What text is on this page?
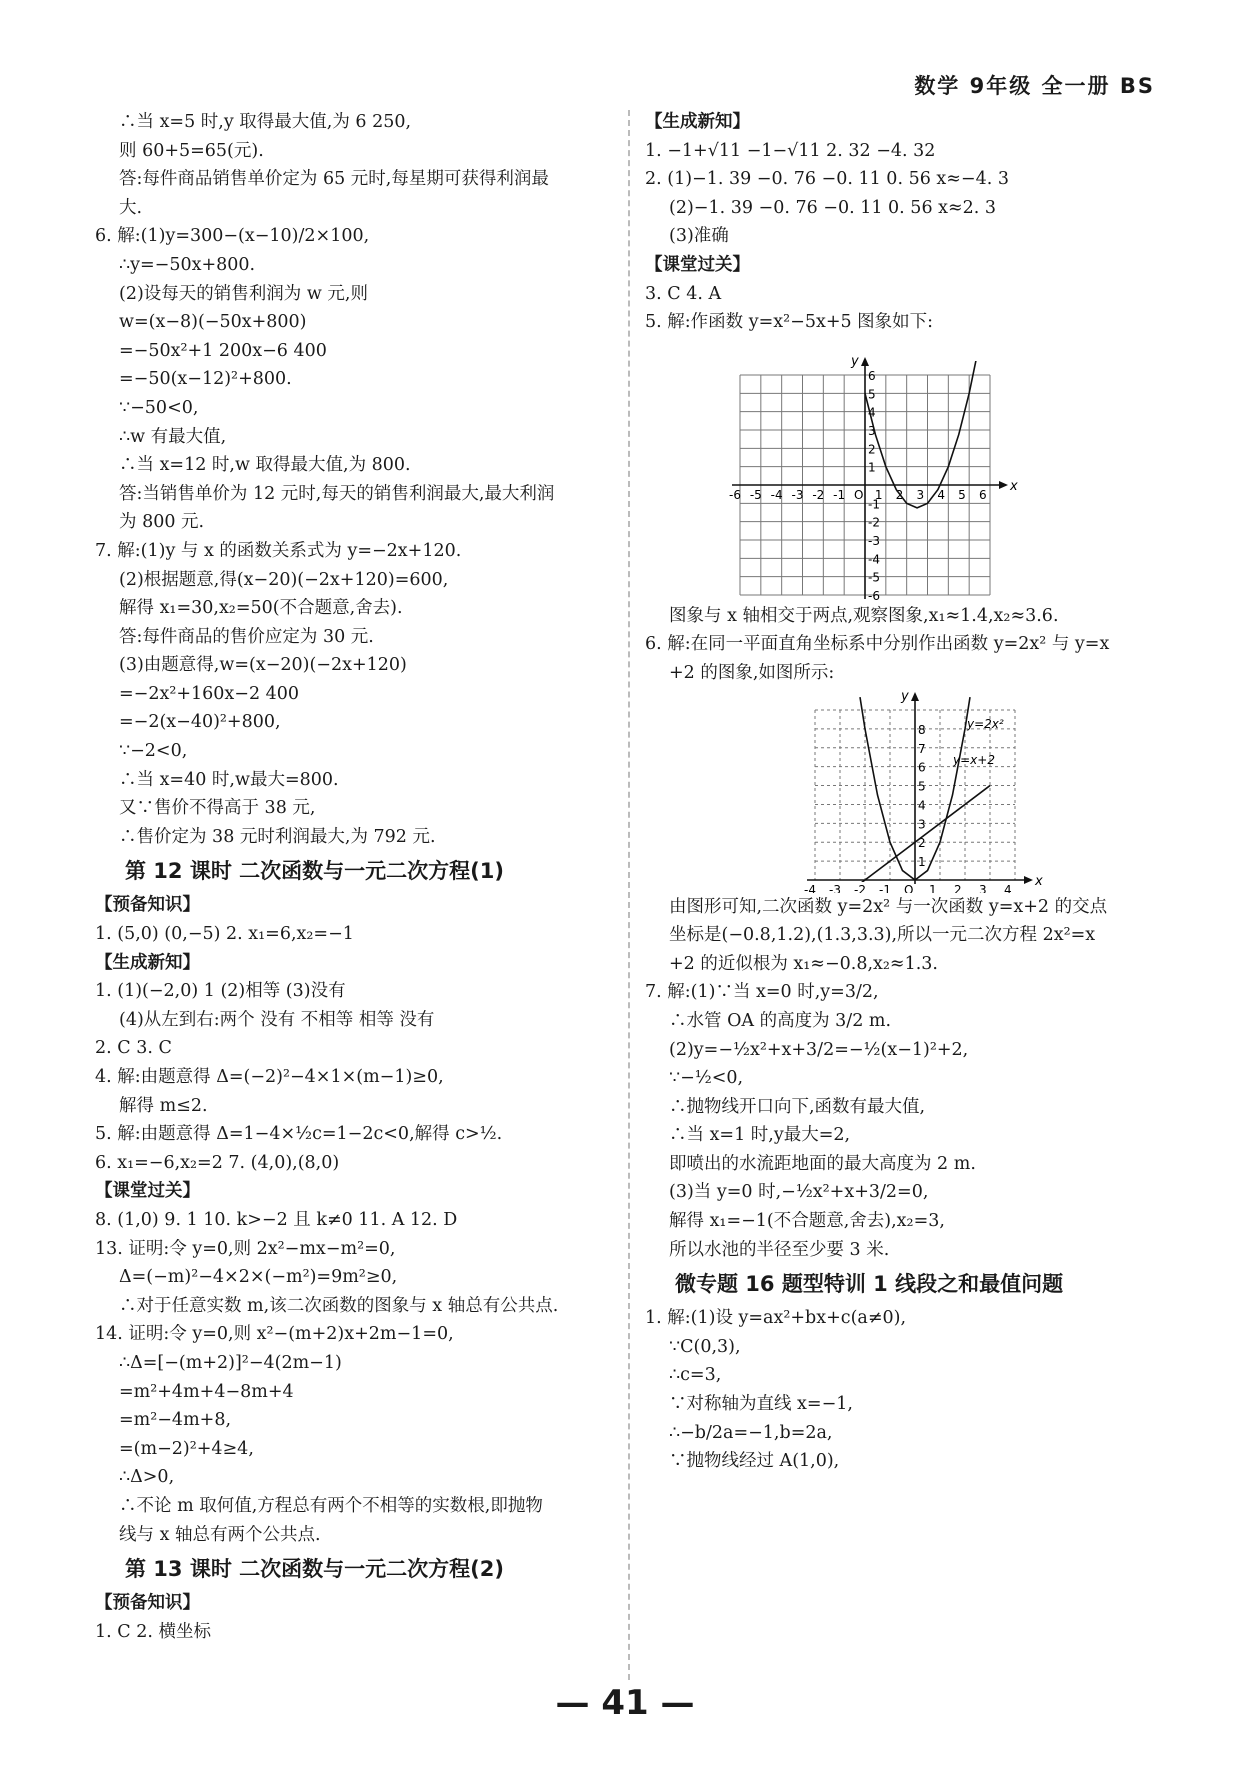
数学 9年级 全一册 BS
∴当 x=5 时,y 取得最大值,为 6 250,
则 60+5=65(元).
答:每件商品销售单价定为 65 元时,每星期可获得利润最
大.
6. 解:(1)y=300−(x−10)/2×100,
∴y=−50x+800.
(2)设每天的销售利润为 w 元,则
w=(x−8)(−50x+800)
=−50x²+1 200x−6 400
=−50(x−12)²+800.
∵−50<0,
∴w 有最大值,
∴当 x=12 时,w 取得最大值,为 800.
答:当销售单价为 12 元时,每天的销售利润最大,最大利润
为 800 元.
7. 解:(1)y 与 x 的函数关系式为 y=−2x+120.
(2)根据题意,得(x−20)(−2x+120)=600,
解得 x₁=30,x₂=50(不合题意,舍去).
答:每件商品的售价应定为 30 元.
(3)由题意得,w=(x−20)(−2x+120)
=−2x²+160x−2 400
=−2(x−40)²+800,
∵−2<0,
∴当 x=40 时,w最大=800.
又∵售价不得高于 38 元,
∴售价定为 38 元时利润最大,为 792 元.
第 12 课时 二次函数与一元二次方程(1)
【预备知识】
1. (5,0) (0,−5) 2. x₁=6,x₂=−1
【生成新知】
1. (1)(−2,0) 1 (2)相等 (3)没有
(4)从左到右:两个 没有 不相等 相等 没有
2. C 3. C
4. 解:由题意得 Δ=(−2)²−4×1×(m−1)≥0,
解得 m≤2.
5. 解:由题意得 Δ=1−4×½c=1−2c<0,解得 c>½.
6. x₁=−6,x₂=2 7. (4,0),(8,0)
【课堂过关】
8. (1,0) 9. 1 10. k>−2 且 k≠0 11. A 12. D
13. 证明:令 y=0,则 2x²−mx−m²=0,
Δ=(−m)²−4×2×(−m²)=9m²≥0,
∴对于任意实数 m,该二次函数的图象与 x 轴总有公共点.
14. 证明:令 y=0,则 x²−(m+2)x+2m−1=0,
∴Δ=[−(m+2)]²−4(2m−1)
=m²+4m+4−8m+4
=m²−4m+8,
=(m−2)²+4≥4,
∴Δ>0,
∴不论 m 取何值,方程总有两个不相等的实数根,即抛物
线与 x 轴总有两个公共点.
第 13 课时 二次函数与一元二次方程(2)
【预备知识】
1. C 2. 横坐标
【生成新知】
1. −1+√11 −1−√11 2. 32 −4. 32
2. (1)−1. 39 −0. 76 −0. 11 0. 56 x≈−4. 3
(2)−1. 39 −0. 76 −0. 11 0. 56 x≈2. 3
(3)准确
【课堂过关】
3. C 4. A
5. 解:作函数 y=x²−5x+5 图象如下:
x
y
-6 -5 -4 -3 -2 -1 O 1 2 3 4 5 6
6
5
4
3
2
1
-1
-2
-3
-4
-5
-6
图象与 x 轴相交于两点,观察图象,x₁≈1.4,x₂≈3.6.
6. 解:在同一平面直角坐标系中分别作出函数 y=2x² 与 y=x
+2 的图象,如图所示:
x
y
-4 -3 -2 -1 O 1 2 3 4
8
7
6
5
4
3
2
1
y=2x²
y=x+2
由图形可知,二次函数 y=2x² 与一次函数 y=x+2 的交点
坐标是(−0.8,1.2),(1.3,3.3),所以一元二次方程 2x²=x
+2 的近似根为 x₁≈−0.8,x₂≈1.3.
7. 解:(1)∵当 x=0 时,y=3/2,
∴水管 OA 的高度为 3/2 m.
(2)y=−½x²+x+3/2=−½(x−1)²+2,
∵−½<0,
∴抛物线开口向下,函数有最大值,
∴当 x=1 时,y最大=2,
即喷出的水流距地面的最大高度为 2 m.
(3)当 y=0 时,−½x²+x+3/2=0,
解得 x₁=−1(不合题意,舍去),x₂=3,
所以水池的半径至少要 3 米.
微专题 16 题型特训 1 线段之和最值问题
1. 解:(1)设 y=ax²+bx+c(a≠0),
∵C(0,3),
∴c=3,
∵对称轴为直线 x=−1,
∴−b/2a=−1,b=2a,
∵抛物线经过 A(1,0),
— 41 —
